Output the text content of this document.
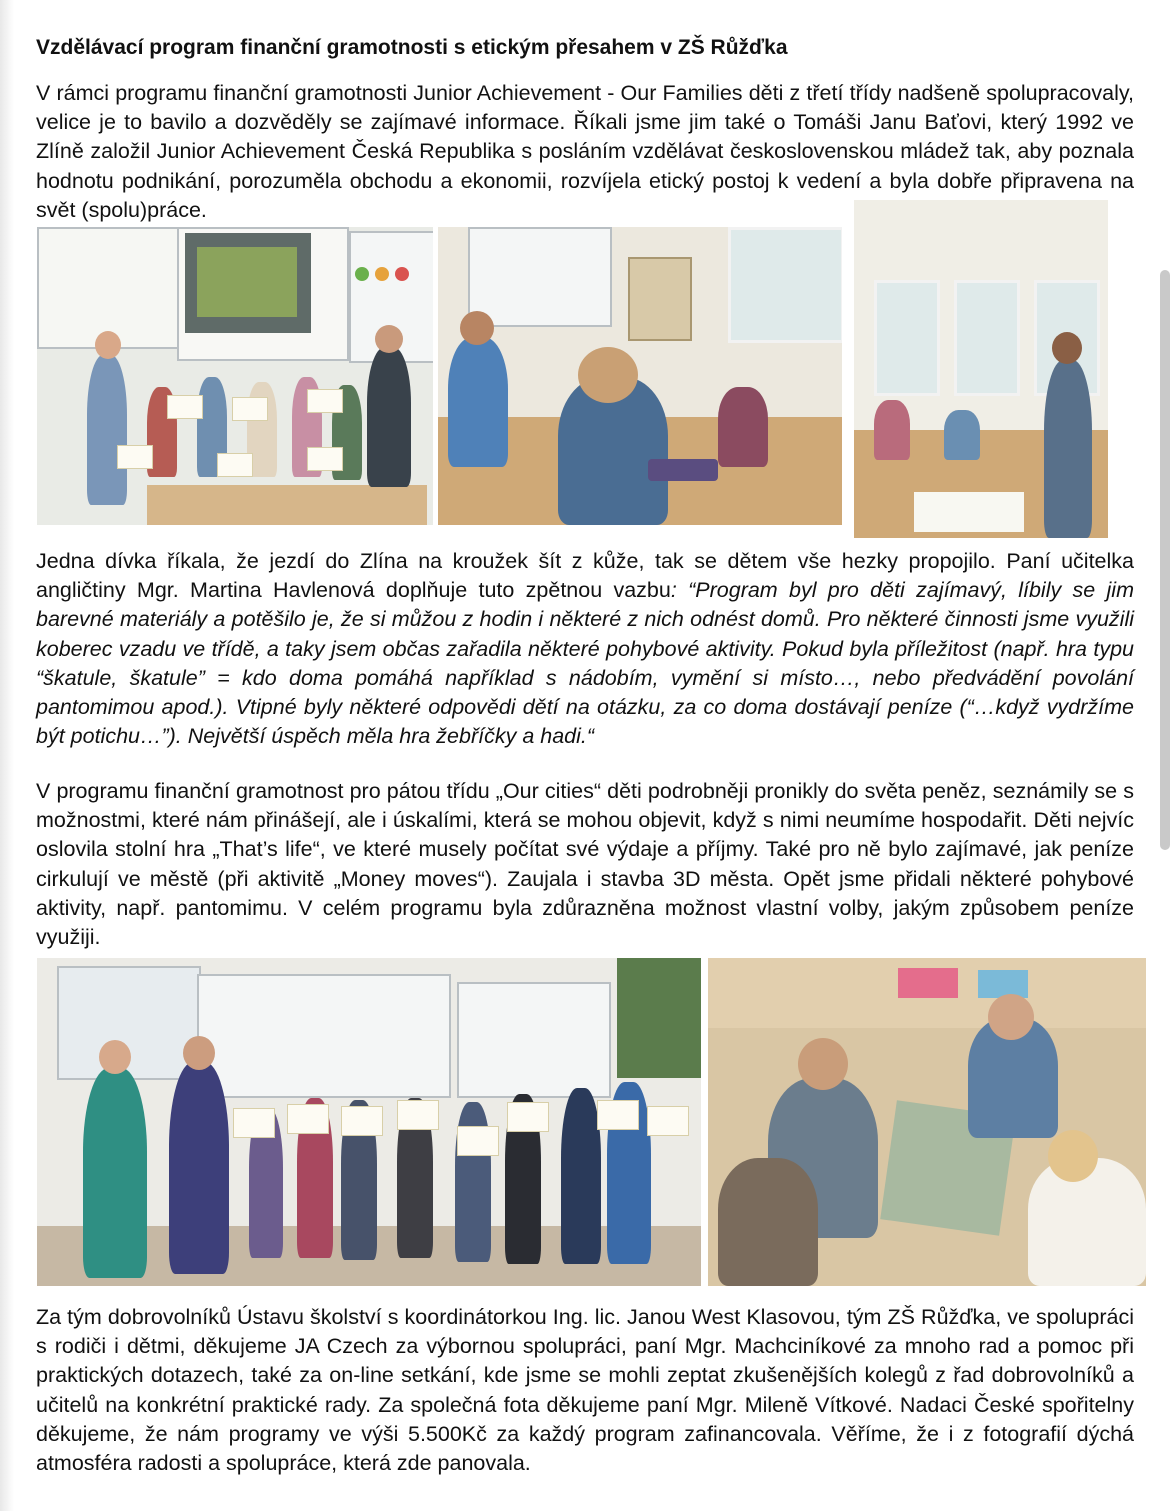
Vzdělávací program finanční gramotnosti s etickým přesahem v ZŠ Růžďka
V rámci programu finanční gramotnosti Junior Achievement - Our Families děti z třetí třídy nadšeně spolupracovaly, velice je to bavilo a dozvěděly se zajímavé informace. Říkali jsme jim také o Tomáši Janu Baťovi, který 1992 ve Zlíně založil Junior Achievement Česká Republika s posláním vzdělávat československou mládež tak, aby poznala hodnotu podnikání, porozuměla obchodu a ekonomii, rozvíjela etický postoj k vedení a byla dobře připravena na svět (spolu)práce.
Jedna dívka říkala, že jezdí do Zlína na kroužek šít z kůže, tak se dětem vše hezky propojilo. Paní učitelka angličtiny Mgr. Martina Havlenová doplňuje tuto zpětnou vazbu: “Program byl pro děti zajímavý, líbily se jim barevné materiály a potěšilo je, že si můžou z hodin i některé z nich odnést domů. Pro některé činnosti jsme využili koberec vzadu ve třídě, a taky jsem občas zařadila některé pohybové aktivity. Pokud byla příležitost (např. hra typu “škatule, škatule” = kdo doma pomáhá například s nádobím, vymění si místo…, nebo předvádění povolání pantomimou apod.). Vtipné byly některé odpovědi dětí na otázku, za co doma dostávají peníze (“…když vydržíme být potichu…”). Největší úspěch měla hra žebříčky a hadi.“
V programu finanční gramotnost pro pátou třídu „Our cities“ děti podrobněji pronikly do světa peněz, seznámily se s možnostmi, které nám přinášejí, ale i úskalími, která se mohou objevit, když s nimi neumíme hospodařit. Děti nejvíc oslovila stolní hra „That’s life“, ve které musely počítat své výdaje a příjmy. Také pro ně bylo zajímavé, jak peníze cirkulují ve městě (při aktivitě „Money moves“). Zaujala i stavba 3D města. Opět jsme přidali některé pohybové aktivity, např. pantomimu. V celém programu byla zdůrazněna možnost vlastní volby, jakým způsobem peníze využiji.
Za tým dobrovolníků Ústavu školství s koordinátorkou Ing. lic. Janou West Klasovou, tým ZŠ Růžďka, ve spolupráci s rodiči i dětmi, děkujeme JA Czech za výbornou spolupráci, paní Mgr. Machciníkové za mnoho rad a pomoc při praktických dotazech, také za on-line setkání, kde jsme se mohli zeptat zkušenějších kolegů z řad dobrovolníků a učitelů na konkrétní praktické rady. Za společná fota děkujeme paní Mgr. Mileně Vítkové. Nadaci České spořitelny děkujeme, že nám programy ve výši 5.500Kč za každý program zafinancovala. Věříme, že i z fotografií dýchá atmosféra radosti a spolupráce, která zde panovala.
